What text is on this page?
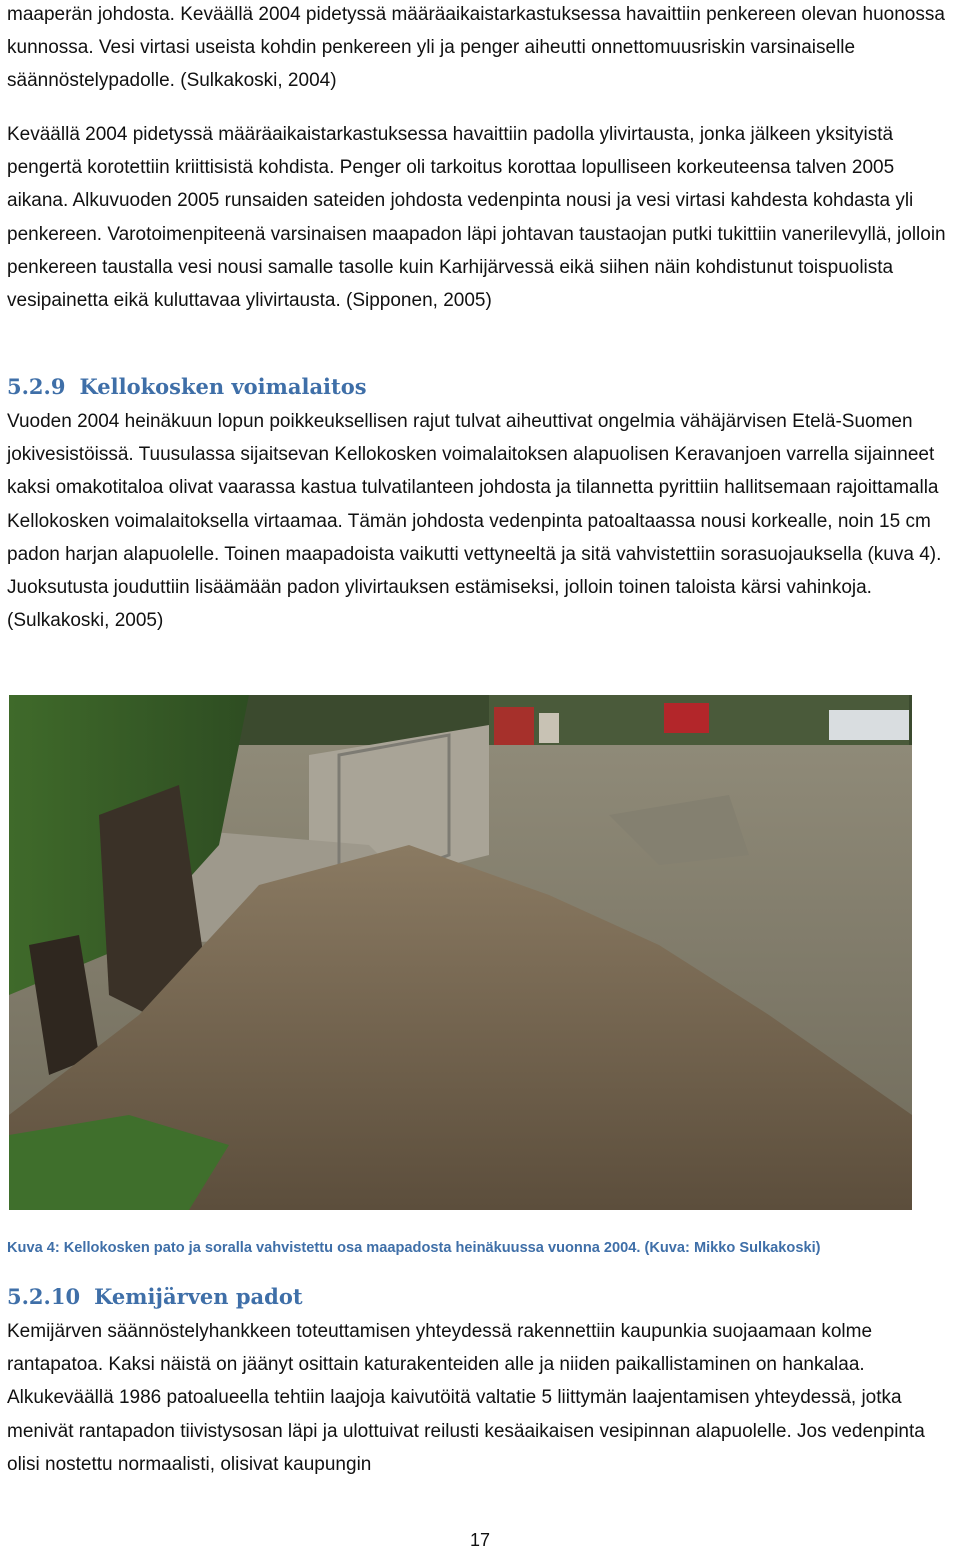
maaperän johdosta. Keväällä 2004 pidetyssä määräaikaistarkastuksessa havaittiin penkereen olevan huonossa kunnossa. Vesi virtasi useista kohdin penkereen yli ja penger aiheutti onnettomuusriskin varsinaiselle säännöstelypadolle. (Sulkakoski, 2004)

Keväällä 2004 pidetyssä määräaikaistarkastuksessa havaittiin padolla ylivirtausta, jonka jälkeen yksityistä pengertä korotettiin kriittisistä kohdista. Penger oli tarkoitus korottaa lopulliseen korkeuteensa talven 2005 aikana. Alkuvuoden 2005 runsaiden sateiden johdosta vedenpinta nousi ja vesi virtasi kahdesta kohdasta yli penkereen. Varotoimenpiteenä varsinaisen maapadon läpi johtavan taustaojan putki tukittiin vanerilevyllä, jolloin penkereen taustalla vesi nousi samalle tasolle kuin Karhijärvessä eikä siihen näin kohdistunut toispuolista vesipainetta eikä kuluttavaa ylivirtausta. (Sipponen, 2005)

5.2.9 Kellokosken voimalaitos

Vuoden 2004 heinäkuun lopun poikkeuksellisen rajut tulvat aiheuttivat ongelmia vähäjärvisen Etelä-Suomen jokivesistöissä. Tuusulassa sijaitsevan Kellokosken voimalaitoksen alapuolisen Keravanjoen varrella sijainneet kaksi omakotitaloa olivat vaarassa kastua tulvatilanteen johdosta ja tilannetta pyrittiin hallitsemaan rajoittamalla Kellokosken voimalaitoksella virtaamaa. Tämän johdosta vedenpinta patoaltaassa nousi korkealle, noin 15 cm padon harjan alapuolelle. Toinen maapadoista vaikutti vettyneeltä ja sitä vahvistettiin sorasuojauksella (kuva 4). Juoksutusta jouduttiin lisäämään padon ylivirtauksen estämiseksi, jolloin toinen taloista kärsi vahinkoja. (Sulkakoski, 2005)

Kuva 4: Kellokosken pato ja soralla vahvistettu osa maapadosta heinäkuussa vuonna 2004. (Kuva: Mikko Sulkakoski)
5.2.10 Kemijärven padot

Kemijärven säännöstelyhankkeen toteuttamisen yhteydessä rakennettiin kaupunkia suojaamaan kolme rantapatoa. Kaksi näistä on jäänyt osittain katurakenteiden alle ja niiden paikallistaminen on hankalaa. Alkukeväällä 1986 patoalueella tehtiin laajoja kaivutöitä valtatie 5 liittymän laajentamisen yhteydessä, jotka menivät rantapadon tiivistysosan läpi ja ulottuivat reilusti kesäaikaisen vesipinnan alapuolelle. Jos vedenpinta olisi nostettu normaalisti, olisivat kaupungin

17
